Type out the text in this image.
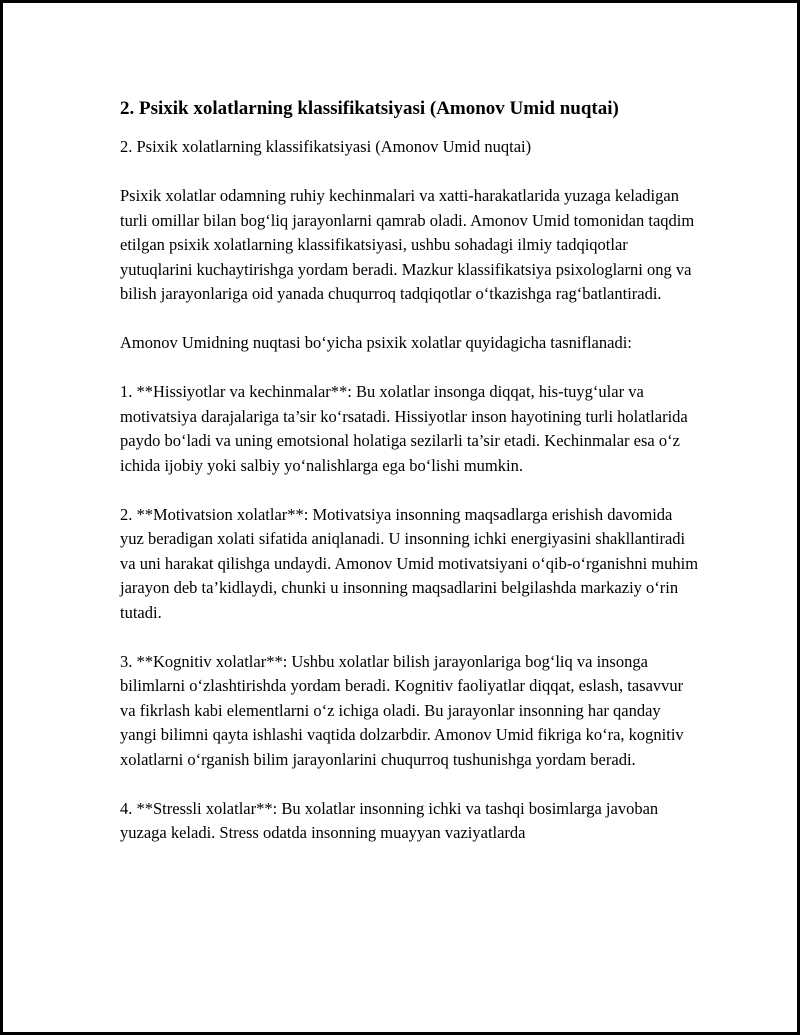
2. Psixik xolatlarning klassifikatsiyasi (Amonov Umid nuqtai)

2. Psixik xolatlarning klassifikatsiyasi (Amonov Umid nuqtai)

Psixik xolatlar odamning ruhiy kechinmalari va xatti-harakatlarida yuzaga keladigan turli omillar bilan bog‘liq jarayonlarni qamrab oladi. Amonov Umid tomonidan taqdim etilgan psixik xolatlarning klassifikatsiyasi, ushbu sohadagi ilmiy tadqiqotlar yutuqlarini kuchaytirishga yordam beradi. Mazkur klassifikatsiya psixologlarni ong va bilish jarayonlariga oid yanada chuqurroq tadqiqotlar o‘tkazishga rag‘batlantiradi.

Amonov Umidning nuqtasi bo‘yicha psixik xolatlar quyidagicha tasniflanadi:

1. **Hissiyotlar va kechinmalar**: Bu xolatlar insonga diqqat, his-tuyg‘ular va motivatsiya darajalariga ta’sir ko‘rsatadi. Hissiyotlar inson hayotining turli holatlarida paydo bo‘ladi va uning emotsional holatiga sezilarli ta’sir etadi. Kechinmalar esa o‘z ichida ijobiy yoki salbiy yo‘nalishlarga ega bo‘lishi mumkin.

2. **Motivatsion xolatlar**: Motivatsiya insonning maqsadlarga erishish davomida yuz beradigan xolati sifatida aniqlanadi. U insonning ichki energiyasini shakllantiradi va uni harakat qilishga undaydi. Amonov Umid motivatsiyani o‘qib-o‘rganishni muhim jarayon deb ta’kidlaydi, chunki u insonning maqsadlarini belgilashda markaziy o‘rin tutadi.

3. **Kognitiv xolatlar**: Ushbu xolatlar bilish jarayonlariga bog‘liq va insonga bilimlarni o‘zlashtirishda yordam beradi. Kognitiv faoliyatlar diqqat, eslash, tasavvur va fikrlash kabi elementlarni o‘z ichiga oladi. Bu jarayonlar insonning har qanday yangi bilimni qayta ishlashi vaqtida dolzarbdir. Amonov Umid fikriga ko‘ra, kognitiv xolatlarni o‘rganish bilim jarayonlarini chuqurroq tushunishga yordam beradi.

4. **Stressli xolatlar**: Bu xolatlar insonning ichki va tashqi bosimlarga javoban yuzaga keladi. Stress odatda insonning muayyan vaziyatlarda
